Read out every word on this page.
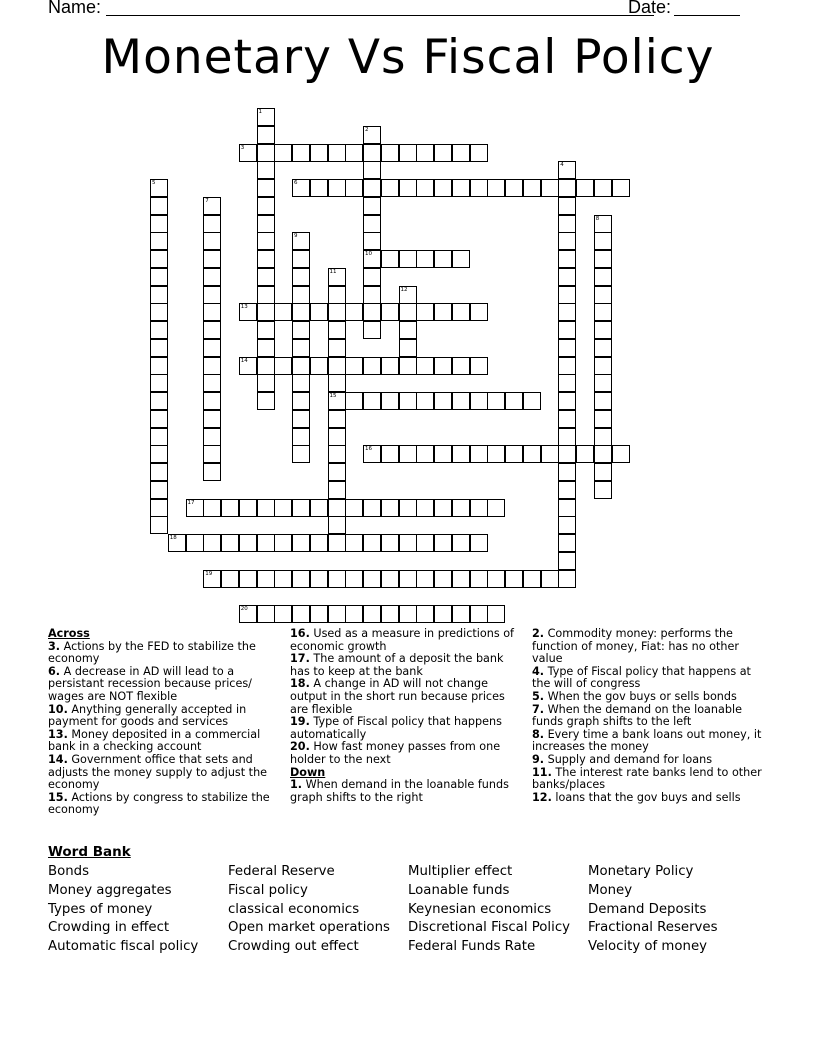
Name:	Date:
Monetary Vs Fiscal Policy
1
2
10
3
4
5	6
7
8
9
11
15
12
13
14
16
17
18
19
20
Across

3. Actions by the FED to stabilize the economy

6. A decrease in AD will lead to a persistant recession because prices/ wages are NOT flexible

10. Anything generally accepted in payment for goods and services

13. Money deposited in a commercial bank in a checking account

14. Government office that sets and adjusts the money supply to adjust the economy

15. Actions by congress to stabilize the economy

16. Used as a measure in predictions of economic growth

17. The amount of a deposit the bank has to keep at the bank

18. A change in AD will not change output in the short run because prices are flexible

19. Type of Fiscal policy that happens automatically

20. How fast money passes from one holder to the next

Down

1. When demand in the loanable funds graph shifts to the right

2. Commodity money: performs the function of money, Fiat: has no other value

4. Type of Fiscal policy that happens at the will of congress

5. When the gov buys or sells bonds

7. When the demand on the loanable funds graph shifts to the left

8. Every time a bank loans out money, it increases the money

9. Supply and demand for loans

11. The interest rate banks lend to other banks/places

12. loans that the gov buys and sells

Word Bank
Bonds	Federal Reserve	Multiplier effect	Monetary Policy
Money aggregates	Fiscal policy	Loanable funds	Money
Types of money	classical economics	Keynesian economics	Demand Deposits
Crowding in effect	Open market operations	Discretional Fiscal Policy	Fractional Reserves
Automatic fiscal policy	Crowding out effect	Federal Funds Rate	Velocity of money
